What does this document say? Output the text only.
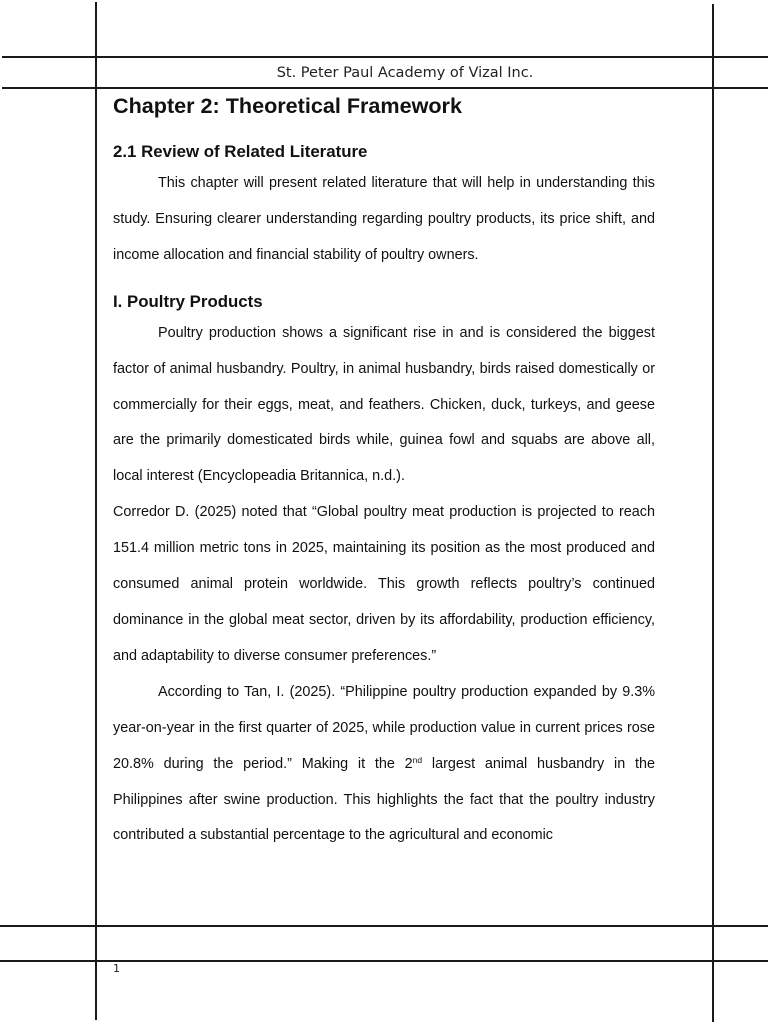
St. Peter Paul Academy of Vizal Inc.
Chapter 2: Theoretical Framework
2.1 Review of Related Literature

This chapter will present related literature that will help in understanding this study. Ensuring clearer understanding regarding poultry products, its price shift, and income allocation and financial stability of poultry owners.

I. Poultry Products

Poultry production shows a significant rise in and is considered the biggest factor of animal husbandry. Poultry, in animal husbandry, birds raised domestically or commercially for their eggs, meat, and feathers. Chicken, duck, turkeys, and geese are the primarily domesticated birds while, guinea fowl and squabs are above all, local interest (Encyclopeadia Britannica, n.d.).

Corredor D. (2025) noted that “Global poultry meat production is projected to reach 151.4 million metric tons in 2025, maintaining its position as the most produced and consumed animal protein worldwide. This growth reflects poultry’s continued dominance in the global meat sector, driven by its affordability, production efficiency, and adaptability to diverse consumer preferences.”

According to Tan, I. (2025). “Philippine poultry production expanded by 9.3% year-on-year in the first quarter of 2025, while production value in current prices rose 20.8% during the period.” Making it the 2nd largest animal husbandry in the Philippines after swine production. This highlights the fact that the poultry industry contributed a substantial percentage to the agricultural and economic

1
